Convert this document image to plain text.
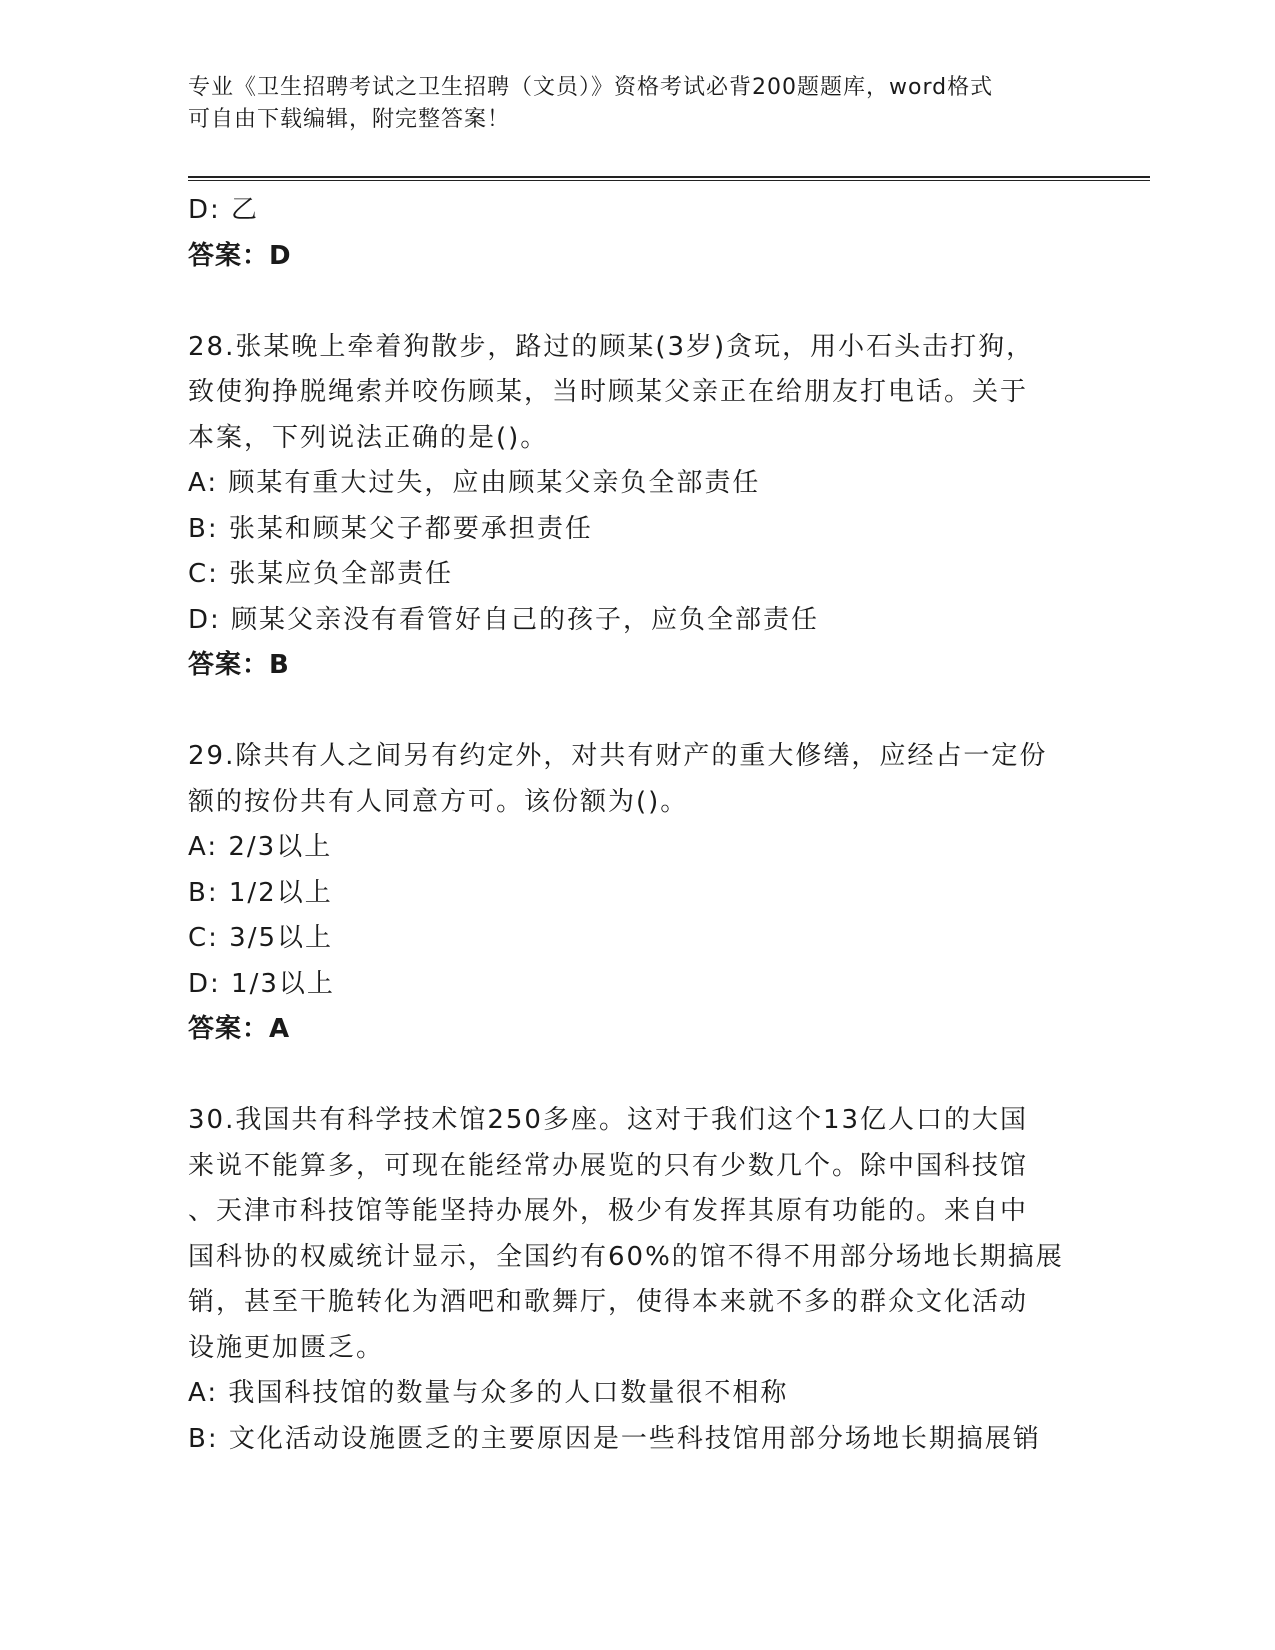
专业《卫生招聘考试之卫生招聘（文员）》资格考试必背200题题库，word格式
可自由下载编辑，附完整答案！
D: 乙
答案：D
28.张某晚上牵着狗散步，路过的顾某(3岁)贪玩，用小石头击打狗，
致使狗挣脱绳索并咬伤顾某，当时顾某父亲正在给朋友打电话。关于
本案，下列说法正确的是()。
A: 顾某有重大过失，应由顾某父亲负全部责任
B: 张某和顾某父子都要承担责任
C: 张某应负全部责任
D: 顾某父亲没有看管好自己的孩子，应负全部责任
答案：B
29.除共有人之间另有约定外，对共有财产的重大修缮，应经占一定份
额的按份共有人同意方可。该份额为()。
A: 2/3以上
B: 1/2以上
C: 3/5以上
D: 1/3以上
答案：A
30.我国共有科学技术馆250多座。这对于我们这个13亿人口的大国
来说不能算多，可现在能经常办展览的只有少数几个。除中国科技馆
、天津市科技馆等能坚持办展外，极少有发挥其原有功能的。来自中
国科协的权威统计显示，全国约有60%的馆不得不用部分场地长期搞展
销，甚至干脆转化为酒吧和歌舞厅，使得本来就不多的群众文化活动
设施更加匮乏。
A: 我国科技馆的数量与众多的人口数量很不相称
B: 文化活动设施匮乏的主要原因是一些科技馆用部分场地长期搞展销
